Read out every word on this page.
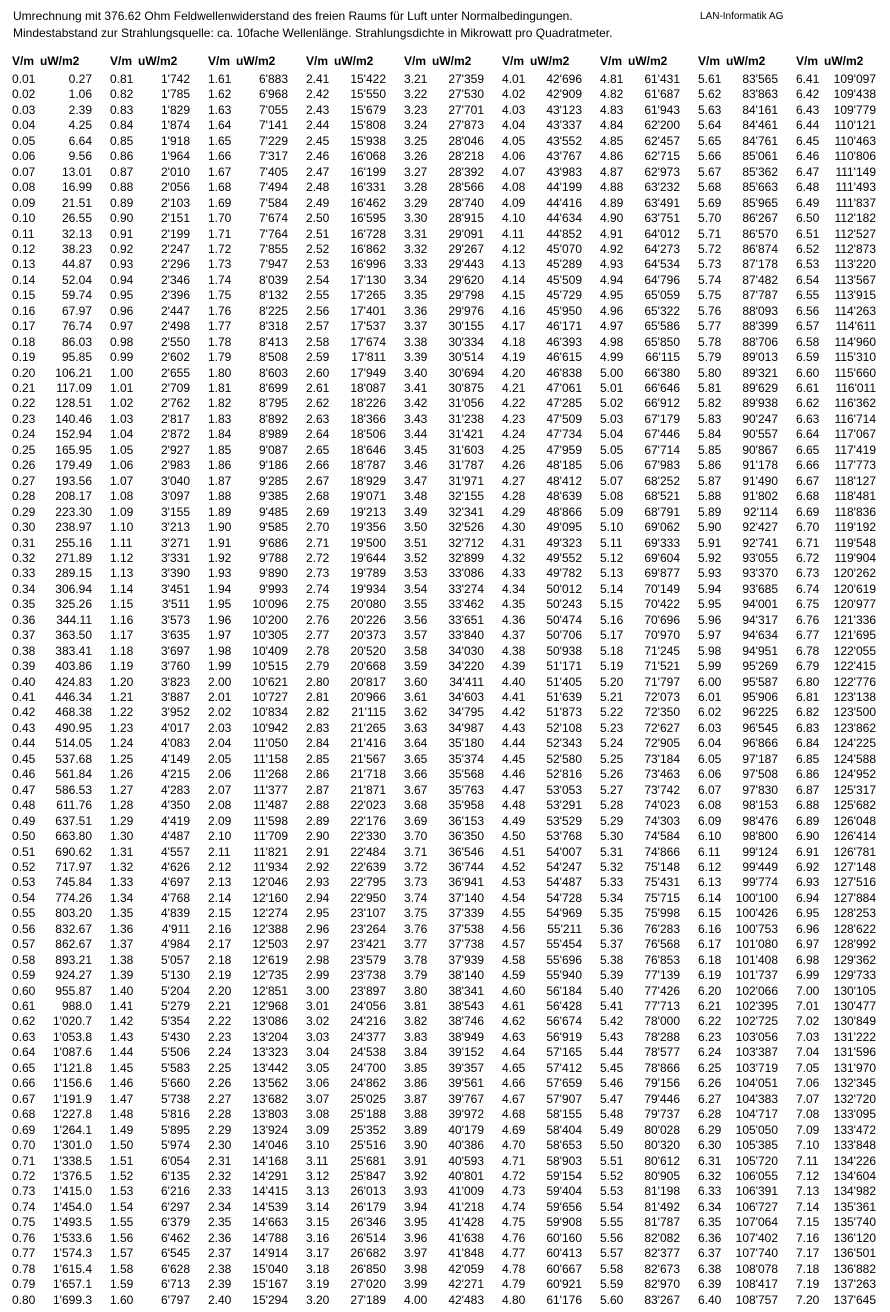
Umrechnung mit 376.62 Ohm Feldwellenwiderstand des freien Raums für Luft unter Normalbedingungen.
Mindestabstand zur Strahlungsquelle: ca. 10fache Wellenlänge. Strahlungsdichte in Mikrowatt pro Quadratmeter.
LAN-Informatik AG
V/m uW/m2
0.01	0.27
0.02	1.06
0.03	2.39
0.04	4.25
0.05	6.64
0.06	9.56
0.07 13.01
0.08 16.99
0.09 21.51
0.10 26.55
0.11 32.13
0.12 38.23
0.13 44.87
0.14 52.04
0.15 59.74
0.16 67.97
0.17 76.74
0.18 86.03
0.19 95.85
0.20 106.21
0.21 117.09
0.22 128.51
0.23 140.46
0.24 152.94
0.25 165.95
0.26 179.49
0.27 193.56
0.28 208.17
0.29 223.30
0.30 238.97
0.31 255.16
0.32 271.89
0.33 289.15
0.34 306.94
0.35 325.26
0.36 344.11
0.37 363.50
0.38 383.41
0.39 403.86
0.40 424.83
0.41 446.34
0.42 468.38
0.43 490.95
0.44 514.05
0.45 537.68
0.46 561.84
0.47 586.53
0.48 611.76
0.49 637.51
0.50 663.80
0.51 690.62
0.52 717.97
0.53 745.84
0.54 774.26
0.55 803.20
0.56 832.67
0.57 862.67
0.58 893.21
0.59 924.27
0.60 955.87
0.61 988.0
0.62 1'020.7
0.63 1'053.8
0.64 1'087.6
0.65 1'121.8
0.66 1'156.6
0.67 1'191.9
0.68 1'227.8
0.69 1'264.1
0.70 1'301.0
0.71 1'338.5
0.72 1'376.5
0.73 1'415.0
0.74 1'454.0
0.75 1'493.5
0.76 1'533.6
0.77 1'574.3
0.78 1'615.4
0.79 1'657.1
0.80 1'699.3
V/m uW/m2
0.81 1'742
0.82 1'785
0.83 1'829
0.84 1'874
0.85 1'918
0.86 1'964
0.87 2'010
0.88 2'056
0.89 2'103
0.90 2'151
0.91 2'199
0.92 2'247
0.93 2'296
0.94 2'346
0.95 2'396
0.96 2'447
0.97 2'498
0.98 2'550
0.99 2'602
1.00 2'655
1.01 2'709
1.02 2'762
1.03 2'817
1.04 2'872
1.05 2'927
1.06 2'983
1.07 3'040
1.08 3'097
1.09 3'155
1.10 3'213
1.11 3'271
1.12 3'331
1.13 3'390
1.14 3'451
1.15 3'511
1.16 3'573
1.17 3'635
1.18 3'697
1.19 3'760
1.20 3'823
1.21 3'887
1.22 3'952
1.23 4'017
1.24 4'083
1.25 4'149
1.26 4'215
1.27 4'283
1.28 4'350
1.29 4'419
1.30 4'487
1.31 4'557
1.32 4'626
1.33 4'697
1.34 4'768
1.35 4'839
1.36 4'911
1.37 4'984
1.38 5'057
1.39 5'130
1.40 5'204
1.41 5'279
1.42 5'354
1.43 5'430
1.44 5'506
1.45 5'583
1.46 5'660
1.47 5'738
1.48 5'816
1.49 5'895
1.50 5'974
1.51 6'054
1.52 6'135
1.53 6'216
1.54 6'297
1.55 6'379
1.56 6'462
1.57 6'545
1.58 6'628
1.59 6'713
1.60 6'797
V/m uW/m2
1.61 6'883
1.62 6'968
1.63 7'055
1.64 7'141
1.65 7'229
1.66 7'317
1.67 7'405
1.68 7'494
1.69 7'584
1.70 7'674
1.71 7'764
1.72 7'855
1.73 7'947
1.74 8'039
1.75 8'132
1.76 8'225
1.77 8'318
1.78 8'413
1.79 8'508
1.80 8'603
1.81 8'699
1.82 8'795
1.83 8'892
1.84 8'989
1.85 9'087
1.86 9'186
1.87 9'285
1.88 9'385
1.89 9'485
1.90 9'585
1.91 9'686
1.92 9'788
1.93 9'890
1.94 9'993
1.95 10'096
1.96 10'200
1.97 10'305
1.98 10'409
1.99 10'515
2.00 10'621
2.01 10'727
2.02 10'834
2.03 10'942
2.04 11'050
2.05 11'158
2.06 11'268
2.07 11'377
2.08 11'487
2.09 11'598
2.10 11'709
2.11 11'821
2.12 11'934
2.13 12'046
2.14 12'160
2.15 12'274
2.16 12'388
2.17 12'503
2.18 12'619
2.19 12'735
2.20 12'851
2.21 12'968
2.22 13'086
2.23 13'204
2.24 13'323
2.25 13'442
2.26 13'562
2.27 13'682
2.28 13'803
2.29 13'924
2.30 14'046
2.31 14'168
2.32 14'291
2.33 14'415
2.34 14'539
2.35 14'663
2.36 14'788
2.37 14'914
2.38 15'040
2.39 15'167
2.40 15'294
V/m uW/m2
2.41 15'422
2.42 15'550
2.43 15'679
2.44 15'808
2.45 15'938
2.46 16'068
2.47 16'199
2.48 16'331
2.49 16'462
2.50 16'595
2.51 16'728
2.52 16'862
2.53 16'996
2.54 17'130
2.55 17'265
2.56 17'401
2.57 17'537
2.58 17'674
2.59 17'811
2.60 17'949
2.61 18'087
2.62 18'226
2.63 18'366
2.64 18'506
2.65 18'646
2.66 18'787
2.67 18'929
2.68 19'071
2.69 19'213
2.70 19'356
2.71 19'500
2.72 19'644
2.73 19'789
2.74 19'934
2.75 20'080
2.76 20'226
2.77 20'373
2.78 20'520
2.79 20'668
2.80 20'817
2.81 20'966
2.82 21'115
2.83 21'265
2.84 21'416
2.85 21'567
2.86 21'718
2.87 21'871
2.88 22'023
2.89 22'176
2.90 22'330
2.91 22'484
2.92 22'639
2.93 22'795
2.94 22'950
2.95 23'107
2.96 23'264
2.97 23'421
2.98 23'579
2.99 23'738
3.00 23'897
3.01 24'056
3.02 24'216
3.03 24'377
3.04 24'538
3.05 24'700
3.06 24'862
3.07 25'025
3.08 25'188
3.09 25'352
3.10 25'516
3.11 25'681
3.12 25'847
3.13 26'013
3.14 26'179
3.15 26'346
3.16 26'514
3.17 26'682
3.18 26'850
3.19 27'020
3.20 27'189
V/m uW/m2
3.21 27'359
3.22 27'530
3.23 27'701
3.24 27'873
3.25 28'046
3.26 28'218
3.27 28'392
3.28 28'566
3.29 28'740
3.30 28'915
3.31 29'091
3.32 29'267
3.33 29'443
3.34 29'620
3.35 29'798
3.36 29'976
3.37 30'155
3.38 30'334
3.39 30'514
3.40 30'694
3.41 30'875
3.42 31'056
3.43 31'238
3.44 31'421
3.45 31'603
3.46 31'787
3.47 31'971
3.48 32'155
3.49 32'341
3.50 32'526
3.51 32'712
3.52 32'899
3.53 33'086
3.54 33'274
3.55 33'462
3.56 33'651
3.57 33'840
3.58 34'030
3.59 34'220
3.60 34'411
3.61 34'603
3.62 34'795
3.63 34'987
3.64 35'180
3.65 35'374
3.66 35'568
3.67 35'763
3.68 35'958
3.69 36'153
3.70 36'350
3.71 36'546
3.72 36'744
3.73 36'941
3.74 37'140
3.75 37'339
3.76 37'538
3.77 37'738
3.78 37'939
3.79 38'140
3.80 38'341
3.81 38'543
3.82 38'746
3.83 38'949
3.84 39'152
3.85 39'357
3.86 39'561
3.87 39'767
3.88 39'972
3.89 40'179
3.90 40'386
3.91 40'593
3.92 40'801
3.93 41'009
3.94 41'218
3.95 41'428
3.96 41'638
3.97 41'848
3.98 42'059
3.99 42'271
4.00 42'483
V/m uW/m2
4.01 42'696
4.02 42'909
4.03 43'123
4.04 43'337
4.05 43'552
4.06 43'767
4.07 43'983
4.08 44'199
4.09 44'416
4.10 44'634
4.11 44'852
4.12 45'070
4.13 45'289
4.14 45'509
4.15 45'729
4.16 45'950
4.17 46'171
4.18 46'393
4.19 46'615
4.20 46'838
4.21 47'061
4.22 47'285
4.23 47'509
4.24 47'734
4.25 47'959
4.26 48'185
4.27 48'412
4.28 48'639
4.29 48'866
4.30 49'095
4.31 49'323
4.32 49'552
4.33 49'782
4.34 50'012
4.35 50'243
4.36 50'474
4.37 50'706
4.38 50'938
4.39 51'171
4.40 51'405
4.41 51'639
4.42 51'873
4.43 52'108
4.44 52'343
4.45 52'580
4.46 52'816
4.47 53'053
4.48 53'291
4.49 53'529
4.50 53'768
4.51 54'007
4.52 54'247
4.53 54'487
4.54 54'728
4.55 54'969
4.56 55'211
4.57 55'454
4.58 55'696
4.59 55'940
4.60 56'184
4.61 56'428
4.62 56'674
4.63 56'919
4.64 57'165
4.65 57'412
4.66 57'659
4.67 57'907
4.68 58'155
4.69 58'404
4.70 58'653
4.71 58'903
4.72 59'154
4.73 59'404
4.74 59'656
4.75 59'908
4.76 60'160
4.77 60'413
4.78 60'667
4.79 60'921
4.80 61'176
V/m uW/m2
4.81 61'431
4.82 61'687
4.83 61'943
4.84 62'200
4.85 62'457
4.86 62'715
4.87 62'973
4.88 63'232
4.89 63'491
4.90 63'751
4.91 64'012
4.92 64'273
4.93 64'534
4.94 64'796
4.95 65'059
4.96 65'322
4.97 65'586
4.98 65'850
4.99 66'115
5.00 66'380
5.01 66'646
5.02 66'912
5.03 67'179
5.04 67'446
5.05 67'714
5.06 67'983
5.07 68'252
5.08 68'521
5.09 68'791
5.10 69'062
5.11 69'333
5.12 69'604
5.13 69'877
5.14 70'149
5.15 70'422
5.16 70'696
5.17 70'970
5.18 71'245
5.19 71'521
5.20 71'797
5.21 72'073
5.22 72'350
5.23 72'627
5.24 72'905
5.25 73'184
5.26 73'463
5.27 73'742
5.28 74'023
5.29 74'303
5.30 74'584
5.31 74'866
5.32 75'148
5.33 75'431
5.34 75'715
5.35 75'998
5.36 76'283
5.37 76'568
5.38 76'853
5.39 77'139
5.40 77'426
5.41 77'713
5.42 78'000
5.43 78'288
5.44 78'577
5.45 78'866
5.46 79'156
5.47 79'446
5.48 79'737
5.49 80'028
5.50 80'320
5.51 80'612
5.52 80'905
5.53 81'198
5.54 81'492
5.55 81'787
5.56 82'082
5.57 82'377
5.58 82'673
5.59 82'970
5.60 83'267
V/m uW/m2
5.61 83'565
5.62 83'863
5.63 84'161
5.64 84'461
5.65 84'761
5.66 85'061
5.67 85'362
5.68 85'663
5.69 85'965
5.70 86'267
5.71 86'570
5.72 86'874
5.73 87'178
5.74 87'482
5.75 87'787
5.76 88'093
5.77 88'399
5.78 88'706
5.79 89'013
5.80 89'321
5.81 89'629
5.82 89'938
5.83 90'247
5.84 90'557
5.85 90'867
5.86 91'178
5.87 91'490
5.88 91'802
5.89 92'114
5.90 92'427
5.91 92'741
5.92 93'055
5.93 93'370
5.94 93'685
5.95 94'001
5.96 94'317
5.97 94'634
5.98 94'951
5.99 95'269
6.00 95'587
6.01 95'906
6.02 96'225
6.03 96'545
6.04 96'866
6.05 97'187
6.06 97'508
6.07 97'830
6.08 98'153
6.09 98'476
6.10 98'800
6.11 99'124
6.12 99'449
6.13 99'774
6.14 100'100
6.15 100'426
6.16 100'753
6.17 101'080
6.18 101'408
6.19 101'737
6.20 102'066
6.21 102'395
6.22 102'725
6.23 103'056
6.24 103'387
6.25 103'719
6.26 104'051
6.27 104'383
6.28 104'717
6.29 105'050
6.30 105'385
6.31 105'720
6.32 106'055
6.33 106'391
6.34 106'727
6.35 107'064
6.36 107'402
6.37 107'740
6.38 108'078
6.39 108'417
6.40 108'757
V/m uW/m2
6.41 109'097
6.42 109'438
6.43 109'779
6.44 110'121
6.45 110'463
6.46 110'806
6.47 111'149
6.48 111'493
6.49 111'837
6.50 112'182
6.51 112'527
6.52 112'873
6.53 113'220
6.54 113'567
6.55 113'915
6.56 114'263
6.57 114'611
6.58 114'960
6.59 115'310
6.60 115'660
6.61 116'011
6.62 116'362
6.63 116'714
6.64 117'067
6.65 117'419
6.66 117'773
6.67 118'127
6.68 118'481
6.69 118'836
6.70 119'192
6.71 119'548
6.72 119'904
6.73 120'262
6.74 120'619
6.75 120'977
6.76 121'336
6.77 121'695
6.78 122'055
6.79 122'415
6.80 122'776
6.81 123'138
6.82 123'500
6.83 123'862
6.84 124'225
6.85 124'588
6.86 124'952
6.87 125'317
6.88 125'682
6.89 126'048
6.90 126'414
6.91 126'781
6.92 127'148
6.93 127'516
6.94 127'884
6.95 128'253
6.96 128'622
6.97 128'992
6.98 129'362
6.99 129'733
7.00 130'105
7.01 130'477
7.02 130'849
7.03 131'222
7.04 131'596
7.05 131'970
7.06 132'345
7.07 132'720
7.08 133'095
7.09 133'472
7.10 133'848
7.11 134'226
7.12 134'604
7.13 134'982
7.14 135'361
7.15 135'740
7.16 136'120
7.17 136'501
7.18 136'882
7.19 137'263
7.20 137'645
